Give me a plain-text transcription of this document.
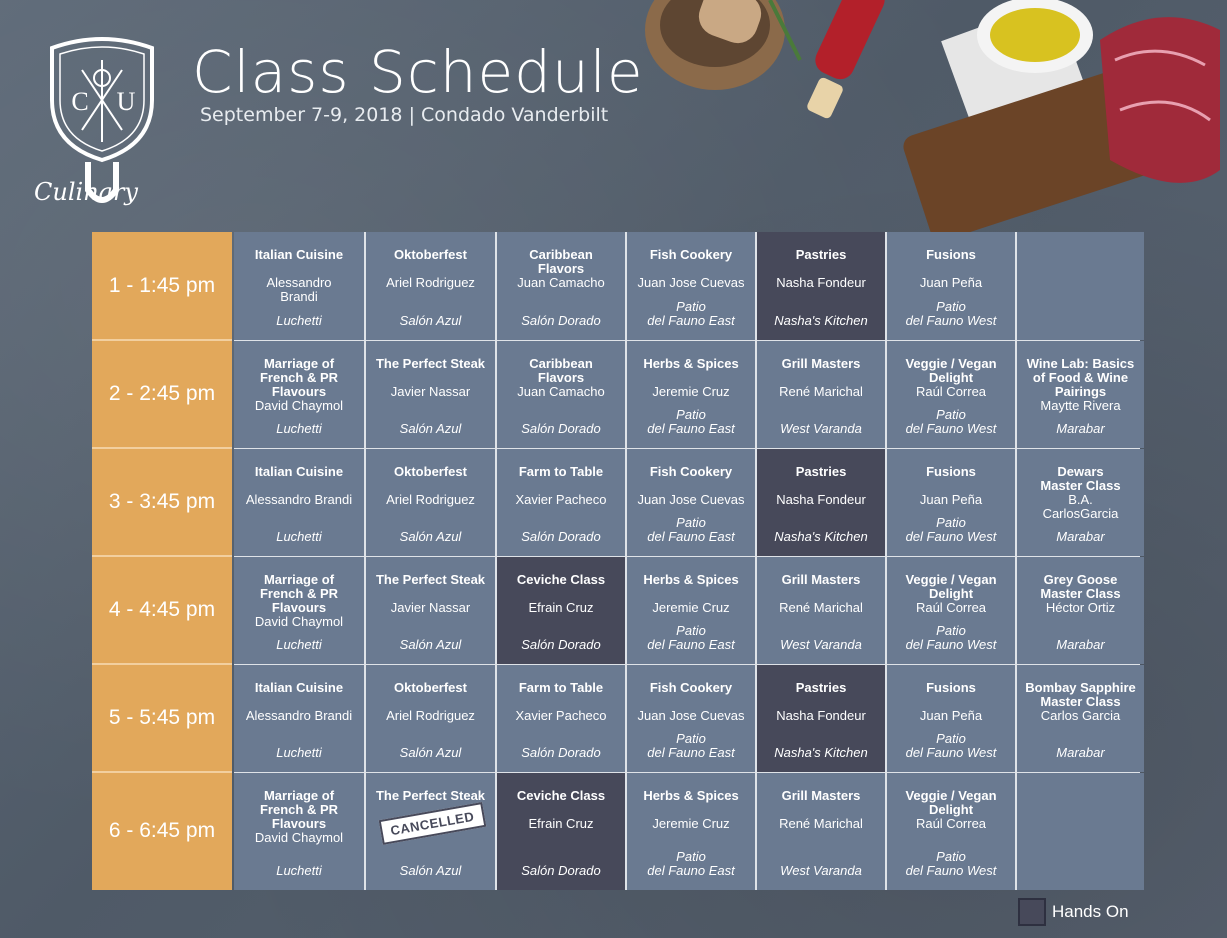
C U
Culinary
Class Schedule
September 7-9, 2018 | Condado Vanderbilt
1 - 1:45 pm
2 - 2:45 pm
3 - 3:45 pm
4 - 4:45 pm
5 - 5:45 pm
6 - 6:45 pm
Italian Cuisine
Alessandro
Brandi
Luchetti
Oktoberfest
Ariel Rodriguez
Salón Azul
Caribbean
Flavors
Juan Camacho
Salón Dorado
Fish Cookery
Juan Jose Cuevas
Patio
del Fauno East
Pastries
Nasha Fondeur
Nasha's Kitchen
Fusions
Juan Peña
Patio
del Fauno West
Marriage of
French & PR
Flavours
David Chaymol
Luchetti
The Perfect Steak
Javier Nassar
Salón Azul
Caribbean
Flavors
Juan Camacho
Salón Dorado
Herbs & Spices
Jeremie Cruz
Patio
del Fauno East
Grill Masters
René Marichal
West Varanda
Veggie / Vegan
Delight
Raúl Correa
Patio
del Fauno West
Wine Lab: Basics
of Food & Wine
Pairings
Maytte Rivera
Marabar
Italian Cuisine
Alessandro Brandi
Luchetti
Oktoberfest
Ariel Rodriguez
Salón Azul
Farm to Table
Xavier Pacheco
Salón Dorado
Fish Cookery
Juan Jose Cuevas
Patio
del Fauno East
Pastries
Nasha Fondeur
Nasha's Kitchen
Fusions
Juan Peña
Patio
del Fauno West
Dewars
Master Class
B.A.
CarlosGarcia
Marabar
Marriage of
French & PR
Flavours
David Chaymol
Luchetti
The Perfect Steak
Javier Nassar
Salón Azul
Ceviche Class
Efrain Cruz
Salón Dorado
Herbs & Spices
Jeremie Cruz
Patio
del Fauno East
Grill Masters
René Marichal
West Varanda
Veggie / Vegan
Delight
Raúl Correa
Patio
del Fauno West
Grey Goose
Master Class
Héctor Ortiz
Marabar
Italian Cuisine
Alessandro Brandi
Luchetti
Oktoberfest
Ariel Rodriguez
Salón Azul
Farm to Table
Xavier Pacheco
Salón Dorado
Fish Cookery
Juan Jose Cuevas
Patio
del Fauno East
Pastries
Nasha Fondeur
Nasha's Kitchen
Fusions
Juan Peña
Patio
del Fauno West
Bombay Sapphire
Master Class
Carlos Garcia
Marabar
Marriage of
French & PR
Flavours
David Chaymol
Luchetti
The Perfect Steak
Salón Azul
CANCELLED
Ceviche Class
Efrain Cruz
Salón Dorado
Herbs & Spices
Jeremie Cruz
Patio
del Fauno East
Grill Masters
René Marichal
West Varanda
Veggie / Vegan
Delight
Raúl Correa
Patio
del Fauno West
Hands On
